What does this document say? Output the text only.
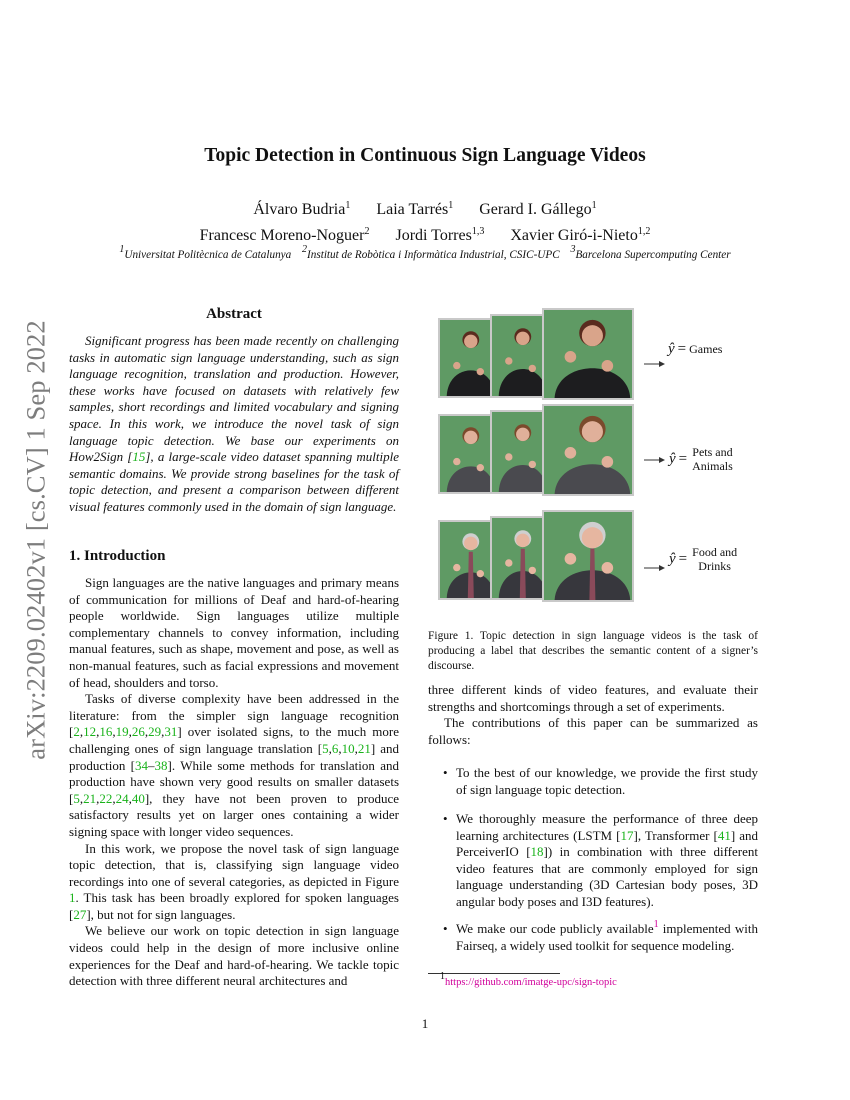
arXiv:2209.02402v1 [cs.CV] 1 Sep 2022
Topic Detection in Continuous Sign Language Videos
Álvaro Budria$^1$ Laia Tarrés$^1$ Gerard I. Gállego$^1$
Francesc Moreno-Noguer$^2$ Jordi Torres$^{1,3}$ Xavier Giró-i-Nieto$^{1,2}$
$^1$Universitat Politècnica de Catalunya $^2$Institut de Robòtica i Informàtica Industrial, CSIC-UPC $^3$Barcelona Supercomputing Center
Abstract

Significant progress has been made recently on challenging tasks in automatic sign language understanding, such as sign language recognition, translation and production. However, these works have focused on datasets with relatively few samples, short recordings and limited vocabulary and signing space. In this work, we introduce the novel task of sign language topic detection. We base our experiments on How2Sign [15], a large-scale video dataset spanning multiple semantic domains. We provide strong baselines for the task of topic detection, and present a comparison between different visual features commonly used in the domain of sign language.

1. Introduction

Sign languages are the native languages and primary means of communication for millions of Deaf and hard-of-hearing people worldwide. Sign languages utilize multiple complementary channels to convey information, including manual features, such as shape, movement and pose, as well as non-manual features, such as facial expressions and movement of head, shoulders and torso.

Tasks of diverse complexity have been addressed in the literature: from the simpler sign language recognition [2,12,16,19,26,29,31] over isolated signs, to the much more challenging ones of sign language translation [5,6,10,21] and production [34–38]. While some methods for translation and production have shown very good results on smaller datasets [5,21,22,24,40], they have not been proven to produce satisfactory results yet on larger ones containing a wider signing space with longer video sequences.

In this work, we propose the novel task of sign language topic detection, that is, classifying sign language video recordings into one of several categories, as depicted in Figure 1. This task has been broadly explored for spoken languages [27], but not for sign languages.

We believe our work on topic detection in sign language videos could help in the design of more inclusive online experiences for the Deaf and hard-of-hearing. We tackle topic detection with three different neural architectures and

ŷ = Games
ŷ =	Pets and
Animals
ŷ =	Food and
Drinks
Figure 1. Topic detection in sign language videos is the task of producing a label that describes the semantic content of a signer’s discourse.

three different kinds of video features, and evaluate their strengths and shortcomings through a set of experiments.

The contributions of this paper can be summarized as follows:

• To the best of our knowledge, we provide the first study of sign language topic detection.
• We thoroughly measure the performance of three deep learning architectures (LSTM [17], Transformer [41] and PerceiverIO [18]) in combination with three different video features that are commonly employed for sign language understanding (3D Cartesian body poses, 3D angular body poses and I3D features).
• We make our code publicly available$^1$ implemented with Fairseq, a widely used toolkit for sequence modeling.
$^1$https://github.com/imatge-upc/sign-topic
1
